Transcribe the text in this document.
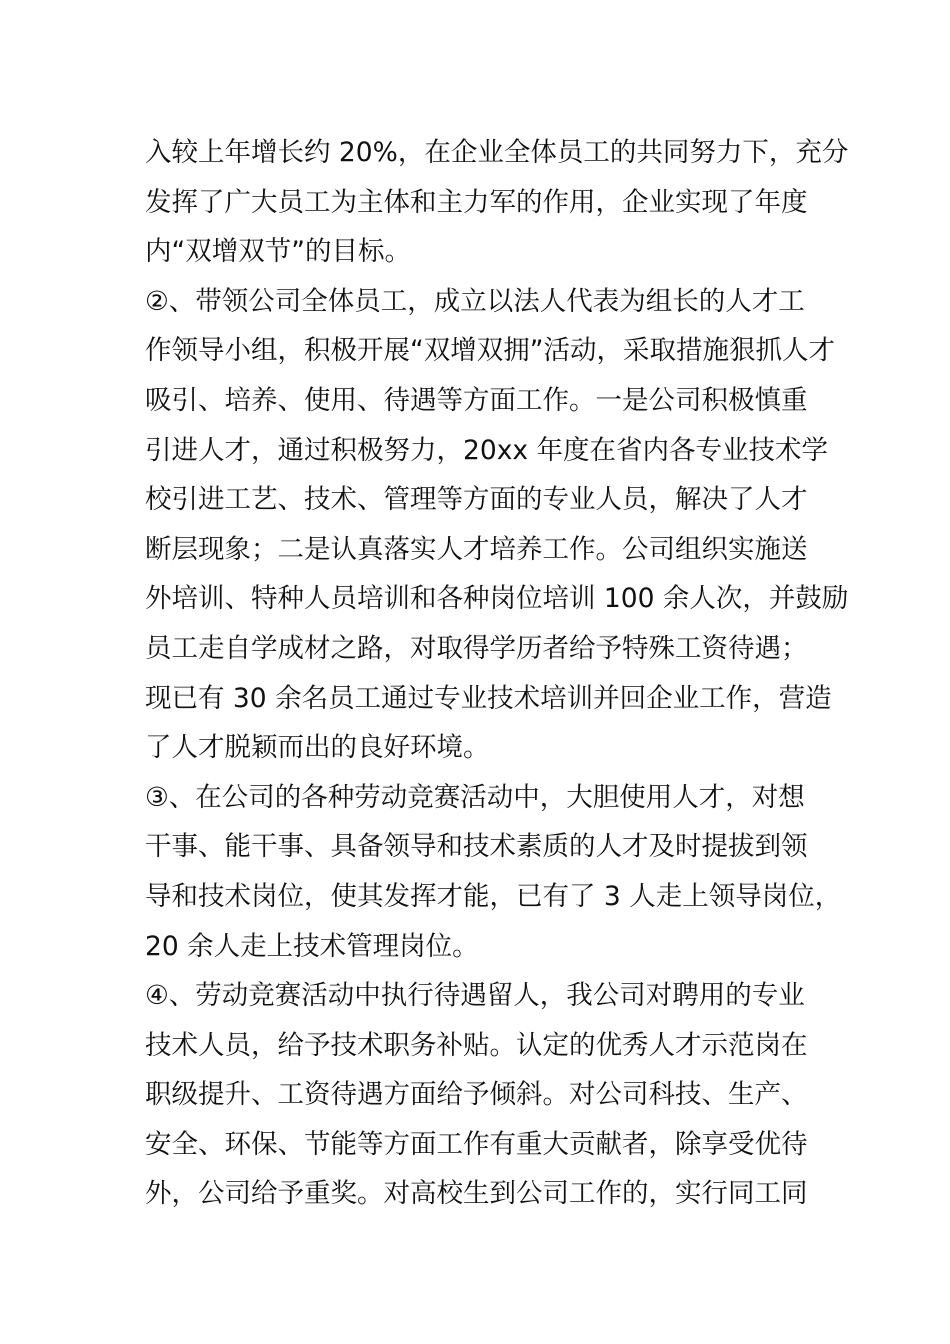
入较上年增长约 20%，在企业全体员工的共同努力下，充分
发挥了广大员工为主体和主力军的作用，企业实现了年度
内“双增双节”的目标。
②、带领公司全体员工，成立以法人代表为组长的人才工
作领导小组，积极开展“双增双拥”活动，采取措施狠抓人才
吸引、培养、使用、待遇等方面工作。一是公司积极慎重
引进人才，通过积极努力，20xx 年度在省内各专业技术学
校引进工艺、技术、管理等方面的专业人员，解决了人才
断层现象；二是认真落实人才培养工作。公司组织实施送
外培训、特种人员培训和各种岗位培训 100 余人次，并鼓励
员工走自学成材之路，对取得学历者给予特殊工资待遇；
现已有 30 余名员工通过专业技术培训并回企业工作，营造
了人才脱颖而出的良好环境。
③、在公司的各种劳动竞赛活动中，大胆使用人才，对想
干事、能干事、具备领导和技术素质的人才及时提拔到领
导和技术岗位，使其发挥才能，已有了 3 人走上领导岗位，
20 余人走上技术管理岗位。
④、劳动竞赛活动中执行待遇留人，我公司对聘用的专业
技术人员，给予技术职务补贴。认定的优秀人才示范岗在
职级提升、工资待遇方面给予倾斜。对公司科技、生产、
安全、环保、节能等方面工作有重大贡献者，除享受优待
外，公司给予重奖。对高校生到公司工作的，实行同工同
